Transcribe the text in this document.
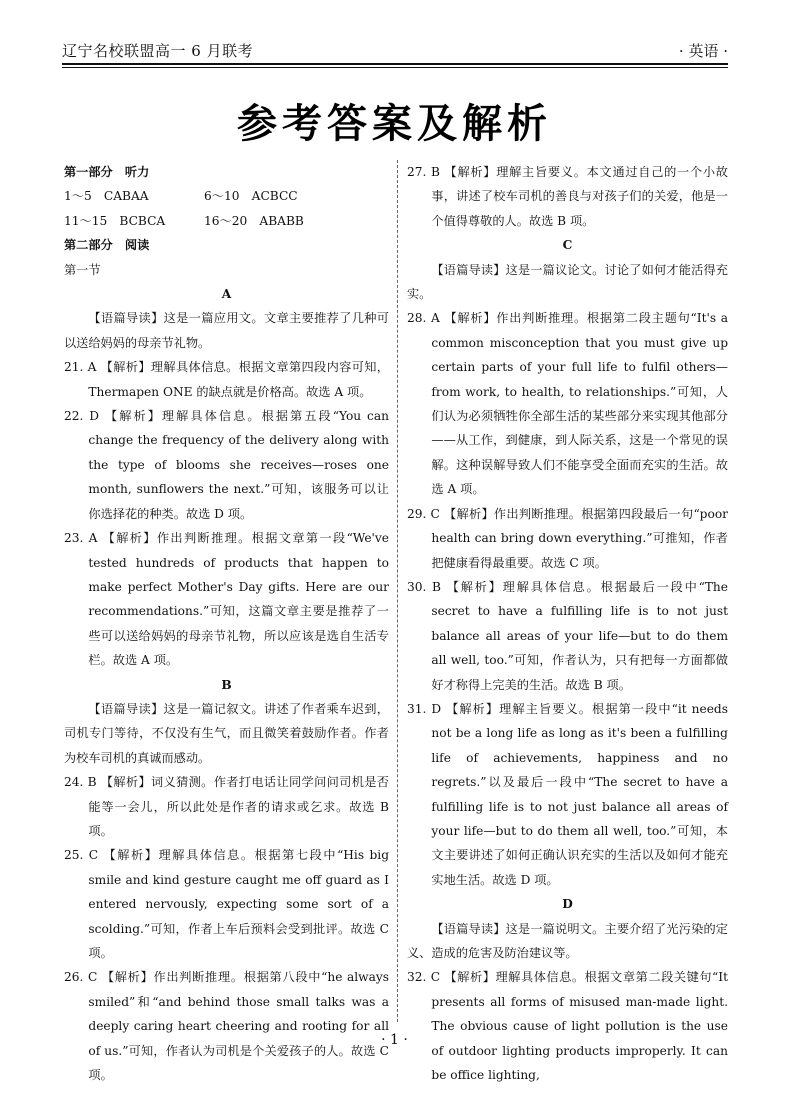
辽宁名校联盟高一 6 月联考	· 英语 ·
参考答案及解析

第一部分　听力

1～5　CABAA	6～10　ACBCC
11～15　BCBCA	16～20　ABABB

第二部分　阅读

第一节

A

【语篇导读】这是一篇应用文。文章主要推荐了几种可以送给妈妈的母亲节礼物。

21. A 【解析】理解具体信息。根据文章第四段内容可知，Thermapen ONE 的缺点就是价格高。故选 A 项。

22. D 【解析】理解具体信息。根据第五段“You can change the frequency of the delivery along with the type of blooms she receives—roses one month, sunflowers the next.”可知，该服务可以让你选择花的种类。故选 D 项。

23. A 【解析】作出判断推理。根据文章第一段“We've tested hundreds of products that happen to make perfect Mother's Day gifts. Here are our recommendations.”可知，这篇文章主要是推荐了一些可以送给妈妈的母亲节礼物，所以应该是选自生活专栏。故选 A 项。

B

【语篇导读】这是一篇记叙文。讲述了作者乘车迟到，司机专门等待，不仅没有生气，而且微笑着鼓励作者。作者为校车司机的真诚而感动。

24. B 【解析】词义猜测。作者打电话让同学问问司机是否能等一会儿，所以此处是作者的请求或乞求。故选 B 项。

25. C 【解析】理解具体信息。根据第七段中“His big smile and kind gesture caught me off guard as I entered nervously, expecting some sort of a scolding.”可知，作者上车后预料会受到批评。故选 C 项。

26. C 【解析】作出判断推理。根据第八段中“he always smiled”和“and behind those small talks was a deeply caring heart cheering and rooting for all of us.”可知，作者认为司机是个关爱孩子的人。故选 C 项。

27. B 【解析】理解主旨要义。本文通过自己的一个小故事，讲述了校车司机的善良与对孩子们的关爱，他是一个值得尊敬的人。故选 B 项。

C

【语篇导读】这是一篇议论文。讨论了如何才能活得充实。

28. A 【解析】作出判断推理。根据第二段主题句“It's a common misconception that you must give up certain parts of your full life to fulfil others—from work, to health, to relationships.”可知，人们认为必须牺牲你全部生活的某些部分来实现其他部分——从工作，到健康，到人际关系，这是一个常见的误解。这种误解导致人们不能享受全面而充实的生活。故选 A 项。

29. C 【解析】作出判断推理。根据第四段最后一句“poor health can bring down everything.”可推知，作者把健康看得最重要。故选 C 项。

30. B 【解析】理解具体信息。根据最后一段中“The secret to have a fulfilling life is to not just balance all areas of your life—but to do them all well, too.”可知，作者认为，只有把每一方面都做好才称得上完美的生活。故选 B 项。

31. D 【解析】理解主旨要义。根据第一段中“it needs not be a long life as long as it's been a fulfilling life of achievements, happiness and no regrets.”以及最后一段中“The secret to have a fulfilling life is to not just balance all areas of your life—but to do them all well, too.”可知，本文主要讲述了如何正确认识充实的生活以及如何才能充实地生活。故选 D 项。

D

【语篇导读】这是一篇说明文。主要介绍了光污染的定义、造成的危害及防治建议等。

32. C 【解析】理解具体信息。根据文章第二段关键句“It presents all forms of misused man-made light. The obvious cause of light pollution is the use of outdoor lighting products improperly. It can be office lighting,

· 1 ·
